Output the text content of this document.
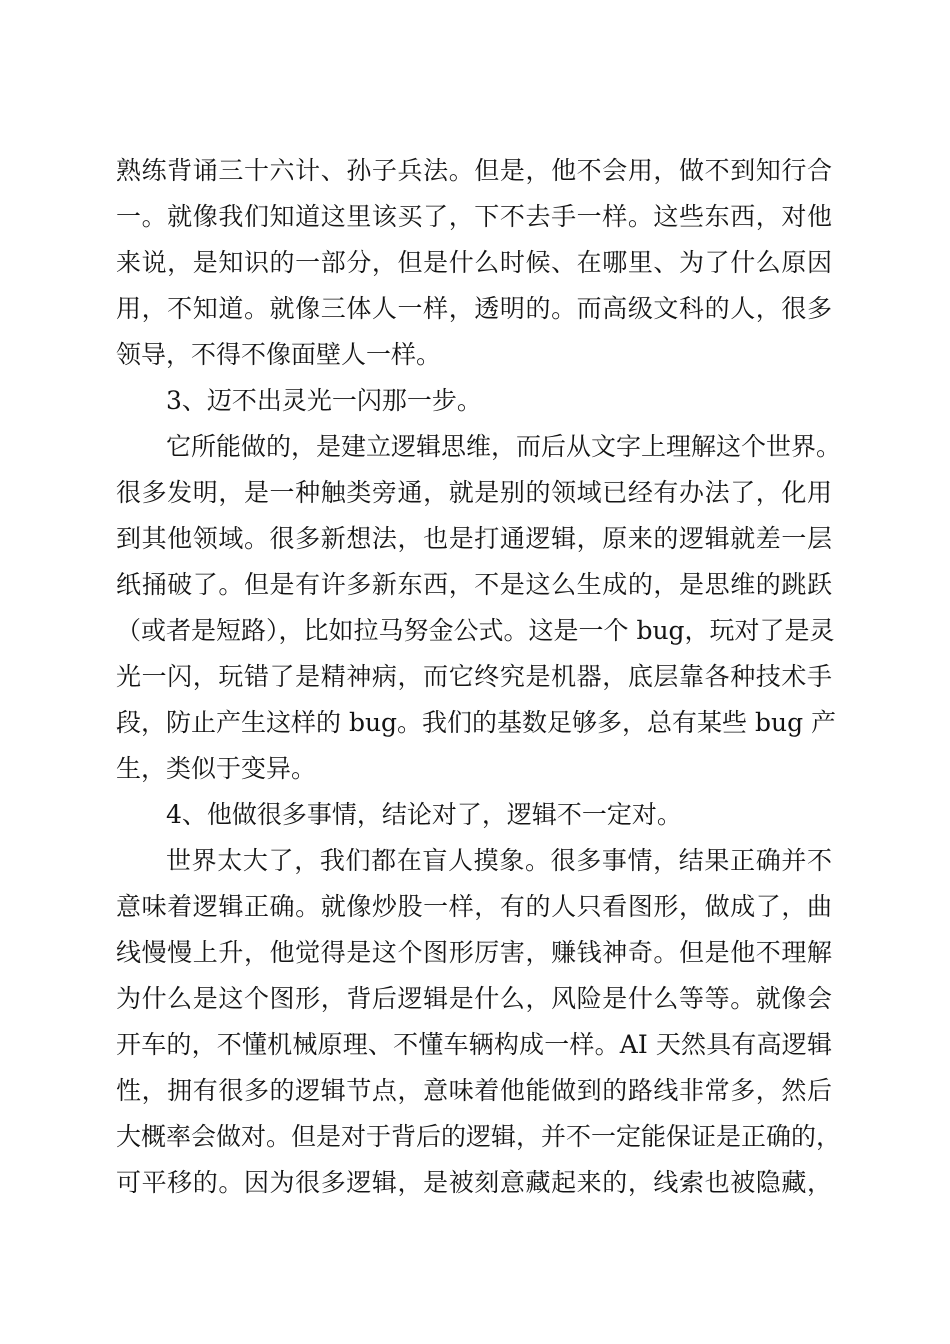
熟练背诵三十六计、孙子兵法。但是，他不会用，做不到知行合
一。就像我们知道这里该买了，下不去手一样。这些东西，对他
来说，是知识的一部分，但是什么时候、在哪里、为了什么原因
用，不知道。就像三体人一样，透明的。而高级文科的人，很多
领导，不得不像面壁人一样。
3、迈不出灵光一闪那一步。
它所能做的，是建立逻辑思维，而后从文字上理解这个世界。
很多发明，是一种触类旁通，就是别的领域已经有办法了，化用
到其他领域。很多新想法，也是打通逻辑，原来的逻辑就差一层
纸捅破了。但是有许多新东西，不是这么生成的，是思维的跳跃
（或者是短路），比如拉马努金公式。这是一个 bug，玩对了是灵
光一闪，玩错了是精神病，而它终究是机器，底层靠各种技术手
段，防止产生这样的 bug。我们的基数足够多，总有某些 bug 产
生，类似于变异。
4、他做很多事情，结论对了，逻辑不一定对。
世界太大了，我们都在盲人摸象。很多事情，结果正确并不
意味着逻辑正确。就像炒股一样，有的人只看图形，做成了，曲
线慢慢上升，他觉得是这个图形厉害，赚钱神奇。但是他不理解
为什么是这个图形，背后逻辑是什么，风险是什么等等。就像会
开车的，不懂机械原理、不懂车辆构成一样。AI 天然具有高逻辑
性，拥有很多的逻辑节点，意味着他能做到的路线非常多，然后
大概率会做对。但是对于背后的逻辑，并不一定能保证是正确的，
可平移的。因为很多逻辑，是被刻意藏起来的，线索也被隐藏，
